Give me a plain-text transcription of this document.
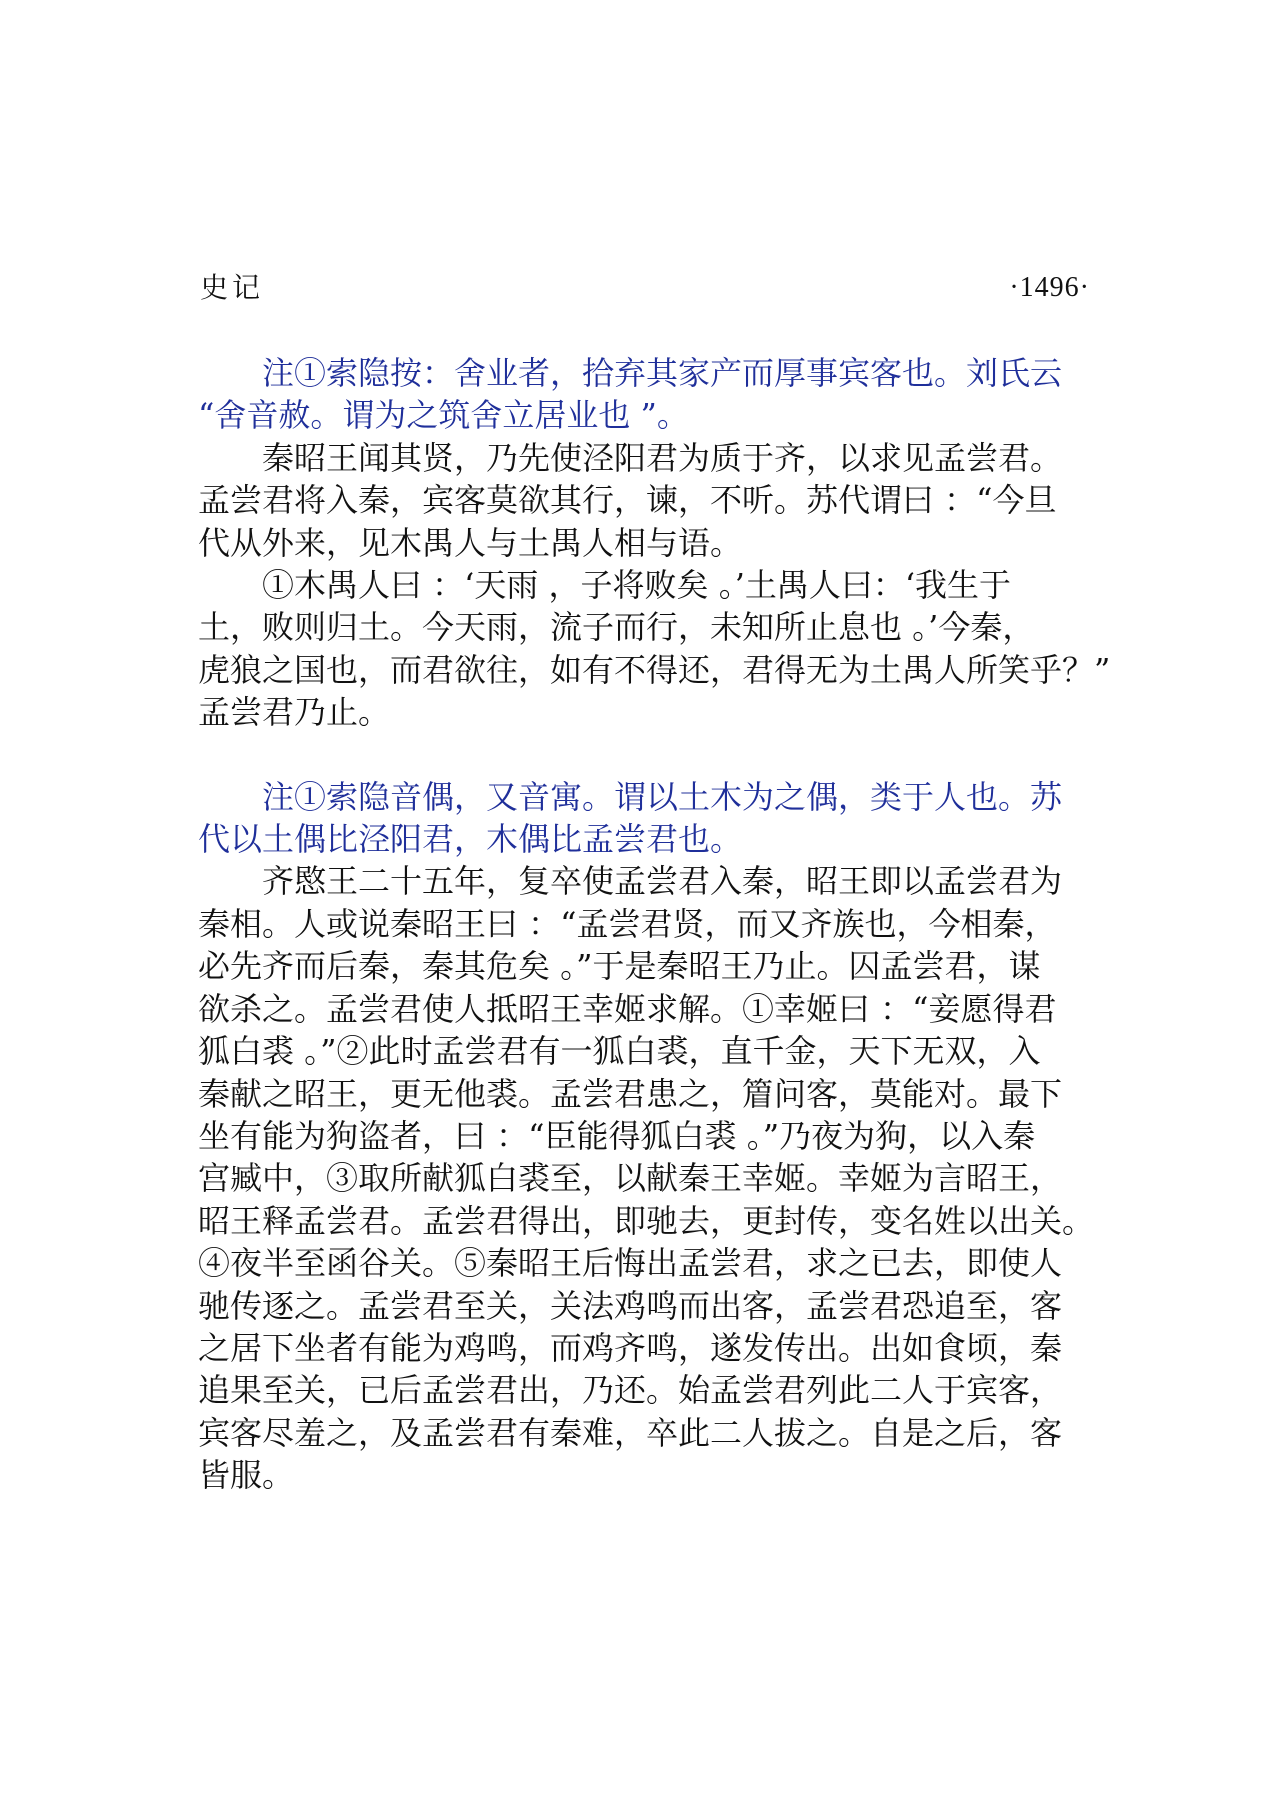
史记	·1496·

注①索隐按：舍业者，拾弃其家产而厚事宾客也。刘氏云
“舍音赦。谓为之筑舍立居业也 ”。

秦昭王闻其贤，乃先使泾阳君为质于齐，以求见孟尝君。
孟尝君将入秦，宾客莫欲其行，谏，不听。苏代谓曰 ：“今旦
代从外来，见木禺人与土禺人相与语。

①木禺人曰 ：‘天雨 ，子将败矣 。’土禺人曰：‘我生于
土，败则归土。今天雨，流子而行，未知所止息也 。’今秦，
虎狼之国也，而君欲往，如有不得还，君得无为土禺人所笑乎？”
孟尝君乃止。

注①索隐音偶，又音寓。谓以土木为之偶，类于人也。苏
代以土偶比泾阳君，木偶比孟尝君也。

齐愍王二十五年，复卒使孟尝君入秦，昭王即以孟尝君为
秦相。人或说秦昭王曰 ：“孟尝君贤，而又齐族也，今相秦，
必先齐而后秦，秦其危矣 。”于是秦昭王乃止。囚孟尝君，谋
欲杀之。孟尝君使人抵昭王幸姬求解。①幸姬曰 ：“妾愿得君
狐白裘 。”②此时孟尝君有一狐白裘，直千金，天下无双，入
秦献之昭王，更无他裘。孟尝君患之，篃问客，莫能对。最下
坐有能为狗盗者，曰 ：“臣能得狐白裘 。”乃夜为狗，以入秦
宫臧中，③取所献狐白裘至，以献秦王幸姬。幸姬为言昭王，
昭王释孟尝君。孟尝君得出，即驰去，更封传，变名姓以出关。
④夜半至函谷关。⑤秦昭王后悔出孟尝君，求之已去，即使人
驰传逐之。孟尝君至关，关法鸡鸣而出客，孟尝君恐追至，客
之居下坐者有能为鸡鸣，而鸡齐鸣，遂发传出。出如食顷，秦
追果至关，已后孟尝君出，乃还。始孟尝君列此二人于宾客，
宾客尽羞之，及孟尝君有秦难，卒此二人拔之。自是之后，客
皆服。
